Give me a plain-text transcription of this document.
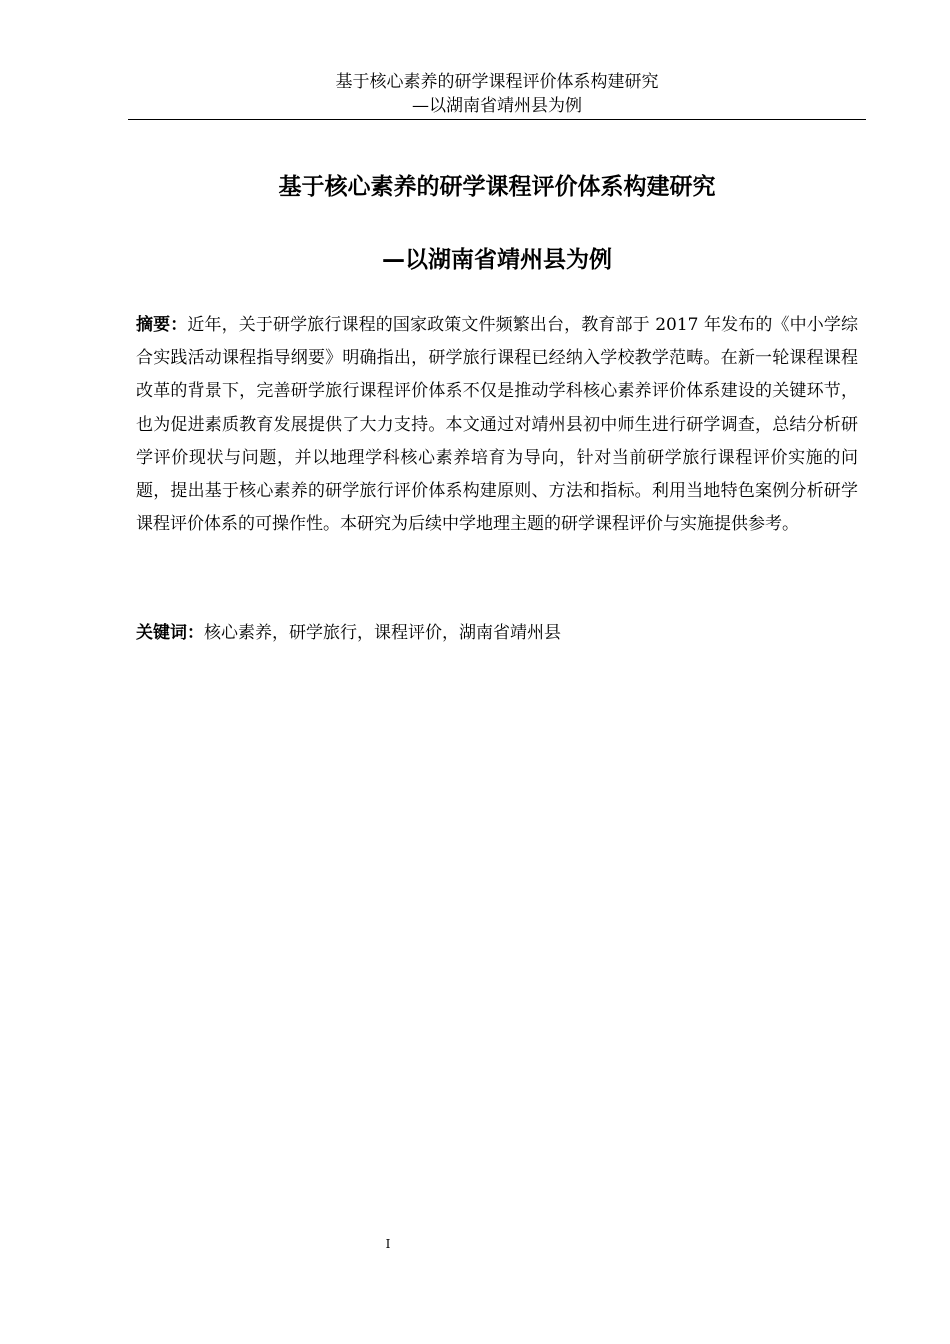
基于核心素养的研学课程评价体系构建研究
—以湖南省靖州县为例
基于核心素养的研学课程评价体系构建研究
—以湖南省靖州县为例

摘要：近年，关于研学旅行课程的国家政策文件频繁出台，教育部于 2017 年发布的《中小学综合实践活动课程指导纲要》明确指出，研学旅行课程已经纳入学校教学范畴。在新一轮课程课程改革的背景下，完善研学旅行课程评价体系不仅是推动学科核心素养评价体系建设的关键环节，也为促进素质教育发展提供了大力支持。本文通过对靖州县初中师生进行研学调查，总结分析研学评价现状与问题，并以地理学科核心素养培育为导向，针对当前研学旅行课程评价实施的问题，提出基于核心素养的研学旅行评价体系构建原则、方法和指标。利用当地特色案例分析研学课程评价体系的可操作性。本研究为后续中学地理主题的研学课程评价与实施提供参考。

关键词：核心素养，研学旅行，课程评价，湖南省靖州县

I
